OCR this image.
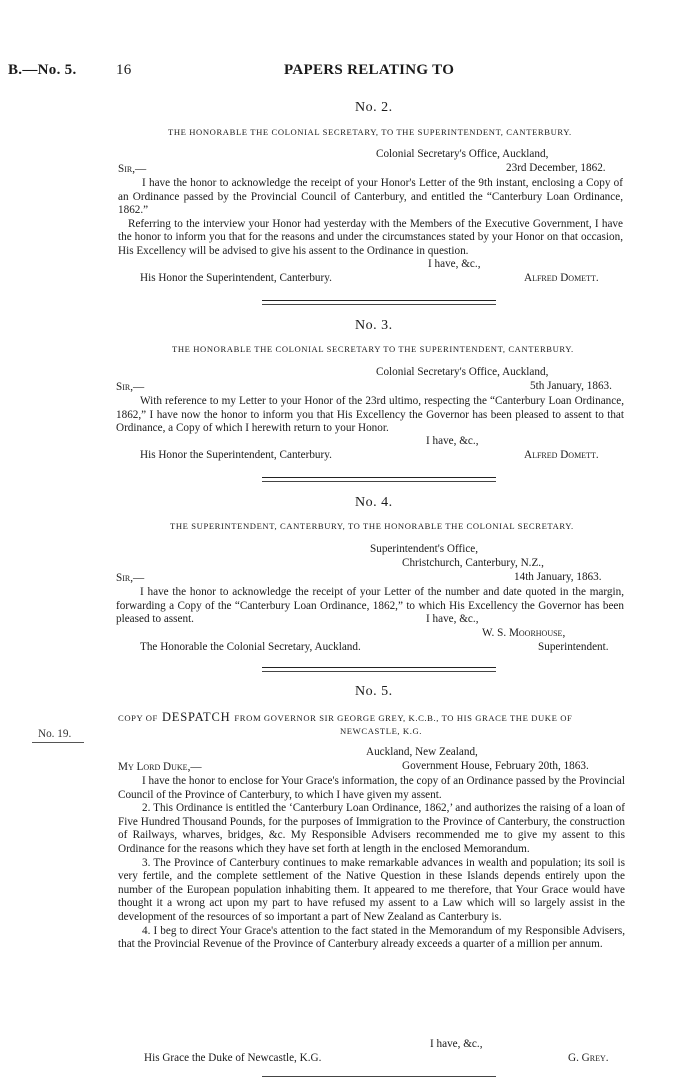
B.—No. 5.	16	PAPERS RELATING TO
No. 2.
THE HONORABLE THE COLONIAL SECRETARY, TO THE SUPERINTENDENT, CANTERBURY.
Colonial Secretary's Office, Auckland,
Sir,—	23rd December, 1862.
I have the honor to acknowledge the receipt of your Honor's Letter of the 9th instant, enclosing a Copy of an Ordinance passed by the Provincial Council of Canterbury, and entitled the “Canterbury Loan Ordinance, 1862.”
Referring to the interview your Honor had yesterday with the Members of the Executive Government, I have the honor to inform you that for the reasons and under the circumstances stated by your Honor on that occasion, His Excellency will be advised to give his assent to the Ordinance in question.
I have, &c.,
His Honor the Superintendent, Canterbury.	Alfred Domett.
No. 3.
THE HONORABLE THE COLONIAL SECRETARY TO THE SUPERINTENDENT, CANTERBURY.
Colonial Secretary's Office, Auckland,
Sir,—	5th January, 1863.
With reference to my Letter to your Honor of the 23rd ultimo, respecting the “Canterbury Loan Ordinance, 1862,” I have now the honor to inform you that His Excellency the Governor has been pleased to assent to that Ordinance, a Copy of which I herewith return to your Honor.
I have, &c.,
His Honor the Superintendent, Canterbury.	Alfred Domett.
No. 4.
THE SUPERINTENDENT, CANTERBURY, TO THE HONORABLE THE COLONIAL SECRETARY.
Superintendent's Office,
Christchurch, Canterbury, N.Z.,
Sir,—	14th January, 1863.
I have the honor to acknowledge the receipt of your Letter of the number and date quoted in the margin, forwarding a Copy of the “Canterbury Loan Ordinance, 1862,” to which His Excellency the Governor has been pleased to assent.	I have, &c.,
W. S. Moorhouse,
The Honorable the Colonial Secretary, Auckland.	Superintendent.
No. 5.
COPY OF DESPATCH FROM GOVERNOR SIR GEORGE GREY, K.C.B., TO HIS GRACE THE DUKE OF
NEWCASTLE, K.G.
No. 19.
Auckland, New Zealand,
My Lord Duke,—	Government House, February 20th, 1863.
I have the honor to enclose for Your Grace's information, the copy of an Ordinance passed by the Provincial Council of the Province of Canterbury, to which I have given my assent.
2. This Ordinance is entitled the ‘Canterbury Loan Ordinance, 1862,’ and authorizes the raising of a loan of Five Hundred Thousand Pounds, for the purposes of Immigration to the Province of Canterbury, the construction of Railways, wharves, bridges, &c. My Responsible Advisers recommended me to give my assent to this Ordinance for the reasons which they have set forth at length in the enclosed Memorandum.
3. The Province of Canterbury continues to make remarkable advances in wealth and population; its soil is very fertile, and the complete settlement of the Native Question in these Islands depends entirely upon the number of the European population inhabiting them. It appeared to me therefore, that Your Grace would have thought it a wrong act upon my part to have refused my assent to a Law which will so largely assist in the development of the resources of so important a part of New Zealand as Canterbury is.
4. I beg to direct Your Grace's attention to the fact stated in the Memorandum of my Responsible Advisers, that the Provincial Revenue of the Province of Canterbury already exceeds a quarter of a million per annum.
I have, &c.,
His Grace the Duke of Newcastle, K.G.	G. Grey.
